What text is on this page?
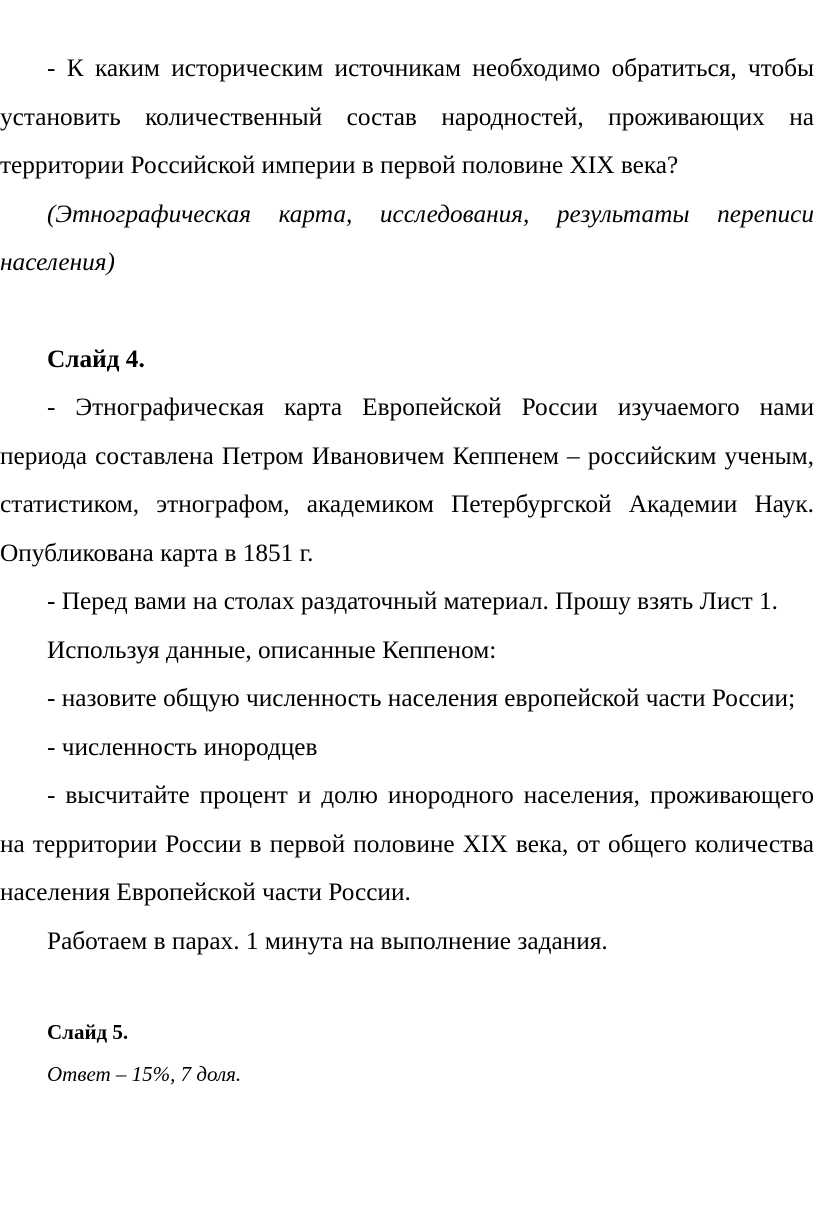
- К каким историческим источникам необходимо обратиться, чтобы установить количественный состав народностей, проживающих на территории Российской империи в первой половине XIX века?

(Этнографическая карта, исследования, результаты переписи населения)

Слайд 4.

- Этнографическая карта Европейской России изучаемого нами периода составлена Петром Ивановичем Кеппенем – российским ученым, статистиком, этнографом, академиком Петербургской Академии Наук. Опубликована карта в 1851 г.

- Перед вами на столах раздаточный материал. Прошу взять Лист 1.

Используя данные, описанные Кеппеном:

- назовите общую численность населения европейской части России;

- численность инородцев

- высчитайте процент и долю инородного населения, проживающего на территории России в первой половине XIX века, от общего количества населения Европейской части России.

Работаем в парах. 1 минута на выполнение задания.

Слайд 5.

Ответ – 15%, 7 доля.
